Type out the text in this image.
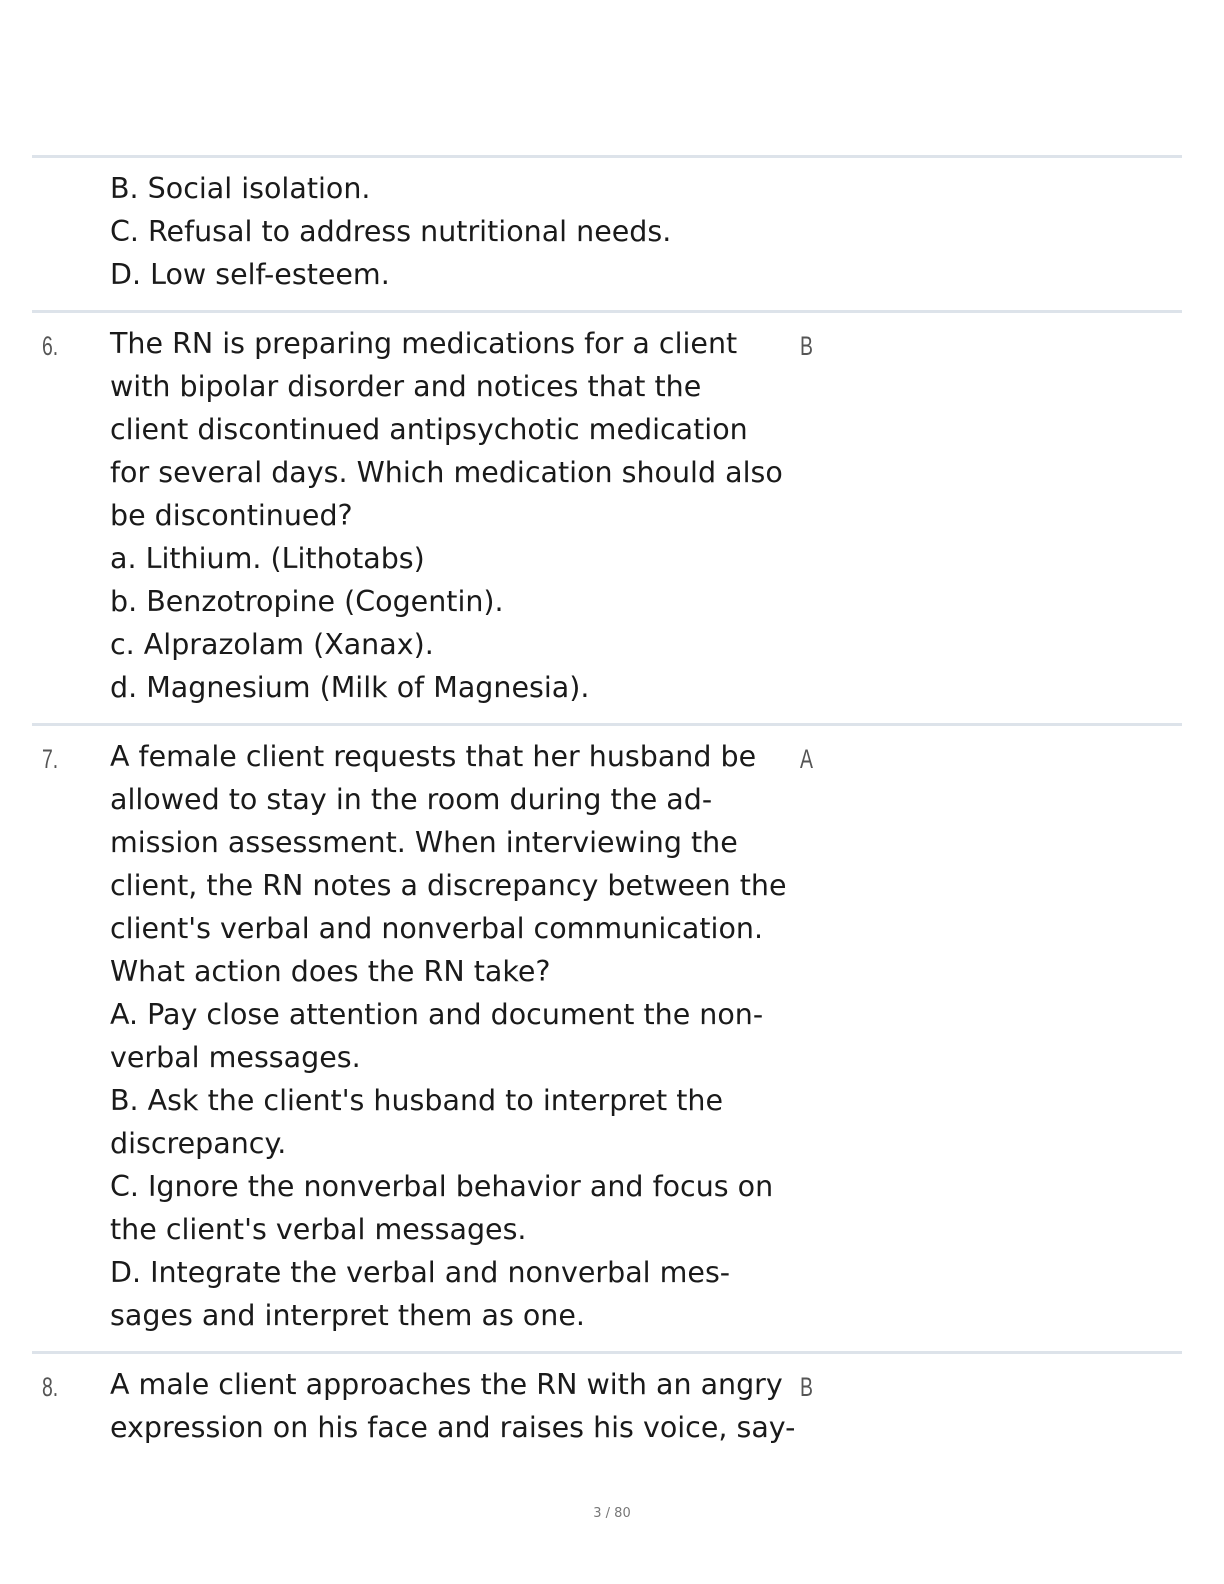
B. Social isolation.
C. Refusal to address nutritional needs.
D. Low self-esteem.
6.	B
The RN is preparing medications for a client
with bipolar disorder and notices that the
client discontinued antipsychotic medication
for several days. Which medication should also
be discontinued?
a. Lithium. (Lithotabs)
b. Benzotropine (Cogentin).
c. Alprazolam (Xanax).
d. Magnesium (Milk of Magnesia).
7.	A
A female client requests that her husband be
allowed to stay in the room during the ad-
mission assessment. When interviewing the
client, the RN notes a discrepancy between the
client's verbal and nonverbal communication.
What action does the RN take?
A. Pay close attention and document the non-
verbal messages.
B. Ask the client's husband to interpret the
discrepancy.
C. Ignore the nonverbal behavior and focus on
the client's verbal messages.
D. Integrate the verbal and nonverbal mes-
sages and interpret them as one.
8.	B
A male client approaches the RN with an angry
expression on his face and raises his voice, say-
3 / 80
